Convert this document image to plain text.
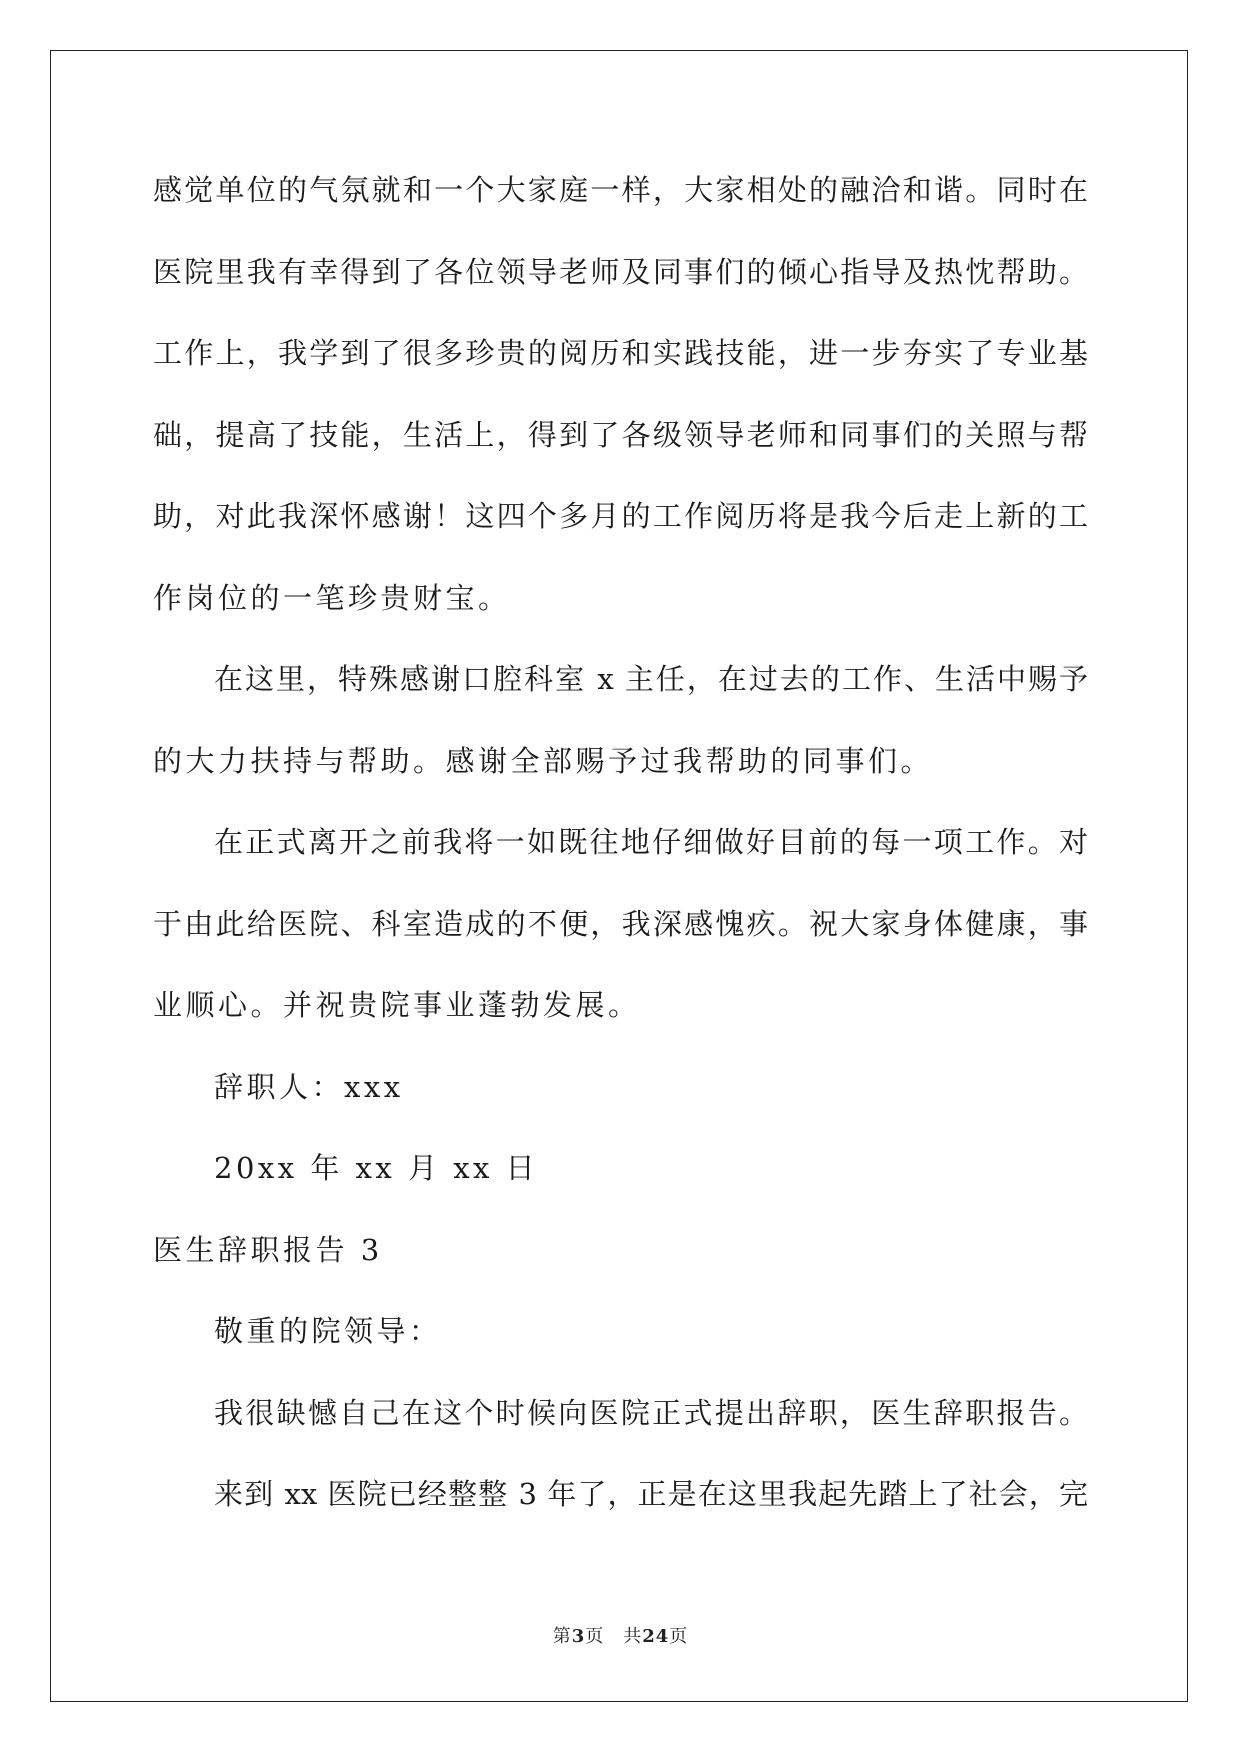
感觉单位的气氛就和一个大家庭一样，大家相处的融洽和谐。同时在
医院里我有幸得到了各位领导老师及同事们的倾心指导及热忱帮助。
工作上，我学到了很多珍贵的阅历和实践技能，进一步夯实了专业基
础，提高了技能，生活上，得到了各级领导老师和同事们的关照与帮
助，对此我深怀感谢！这四个多月的工作阅历将是我今后走上新的工
作岗位的一笔珍贵财宝。
在这里，特殊感谢口腔科室 x 主任，在过去的工作、生活中赐予
的大力扶持与帮助。感谢全部赐予过我帮助的同事们。
在正式离开之前我将一如既往地仔细做好目前的每一项工作。对
于由此给医院、科室造成的不便，我深感愧疚。祝大家身体健康，事
业顺心。并祝贵院事业蓬勃发展。
辞职人：xxx
20xx 年 xx 月 xx 日
医生辞职报告 3
敬重的院领导：
我很缺憾自己在这个时候向医院正式提出辞职，医生辞职报告。
来到 xx 医院已经整整 3 年了，正是在这里我起先踏上了社会，完
第3页　共24页
